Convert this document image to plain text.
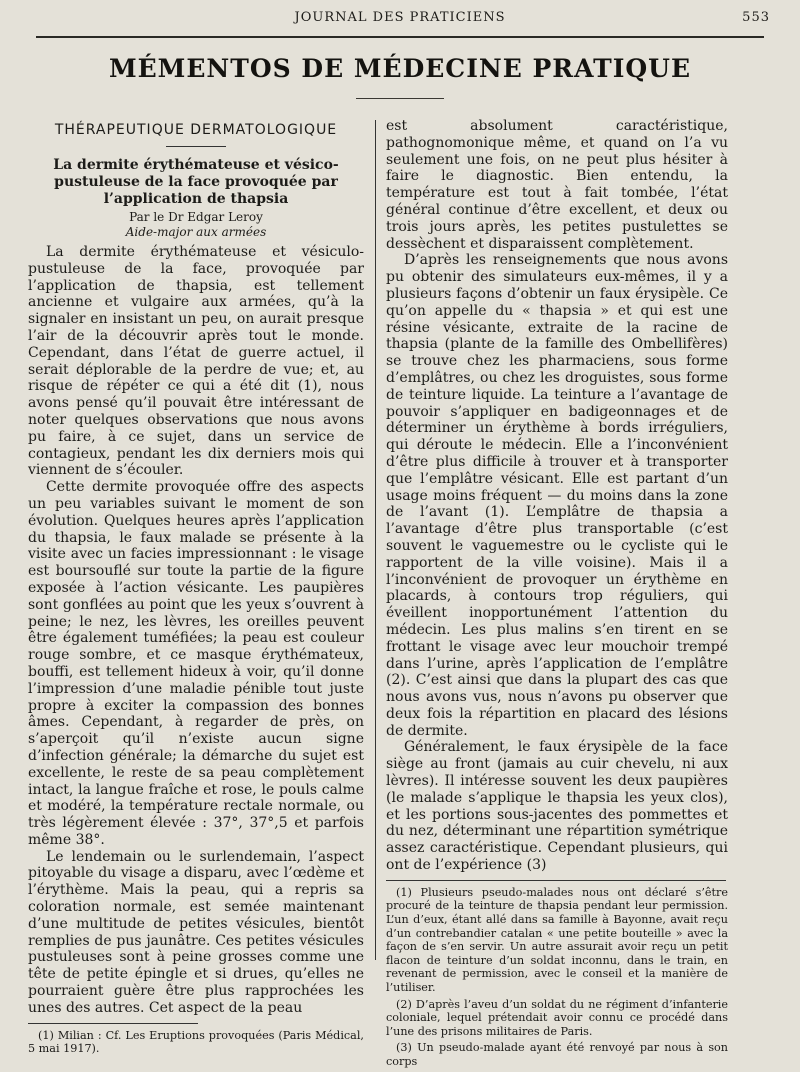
JOURNAL DES PRATICIENS	553
MÉMENTOS DE MÉDECINE PRATIQUE
THÉRAPEUTIQUE DERMATOLOGIQUE

La dermite érythémateuse et vésico-pustuleuse de la face provoquée par l’application de thapsia

Par le Dr Edgar Leroy

Aide-major aux armées

La dermite érythémateuse et vésiculo-pustuleuse de la face, provoquée par l’application de thapsia, est tellement ancienne et vulgaire aux armées, qu’à la signaler en insistant un peu, on aurait presque l’air de la découvrir après tout le monde. Cependant, dans l’état de guerre actuel, il serait déplorable de la perdre de vue; et, au risque de répéter ce qui a été dit (1), nous avons pensé qu’il pouvait être intéressant de noter quelques observations que nous avons pu faire, à ce sujet, dans un service de contagieux, pendant les dix derniers mois qui viennent de s’écouler.

Cette dermite provoquée offre des aspects un peu variables suivant le moment de son évolution. Quelques heures après l’application du thapsia, le faux malade se présente à la visite avec un facies impressionnant : le visage est boursouflé sur toute la partie de la figure exposée à l’action vésicante. Les paupières sont gonflées au point que les yeux s’ouvrent à peine; le nez, les lèvres, les oreilles peuvent être également tuméfiées; la peau est couleur rouge sombre, et ce masque érythémateux, bouffi, est tellement hideux à voir, qu’il donne l’impression d’une maladie pénible tout juste propre à exciter la compassion des bonnes âmes. Cependant, à regarder de près, on s’aperçoit qu’il n’existe aucun signe d’infection générale; la démarche du sujet est excellente, le reste de sa peau complètement intact, la langue fraîche et rose, le pouls calme et modéré, la température rectale normale, ou très légèrement élevée : 37°, 37°,5 et parfois même 38°.

Le lendemain ou le surlendemain, l’aspect pitoyable du visage a disparu, avec l’œdème et l’érythème. Mais la peau, qui a repris sa coloration normale, est semée maintenant d’une multitude de petites vésicules, bientôt remplies de pus jaunâtre. Ces petites vésicules pustuleuses sont à peine grosses comme une tête de petite épingle et si drues, qu’elles ne pourraient guère être plus rapprochées les unes des autres. Cet aspect de la peau

(1) Milian : Cf. Les Eruptions provoquées (Paris Médical, 5 mai 1917).

est absolument caractéristique, pathognomonique même, et quand on l’a vu seulement une fois, on ne peut plus hésiter à faire le diagnostic. Bien entendu, la température est tout à fait tombée, l’état général continue d’être excellent, et deux ou trois jours après, les petites pustulettes se dessèchent et disparaissent complètement.

D’après les renseignements que nous avons pu obtenir des simulateurs eux-mêmes, il y a plusieurs façons d’obtenir un faux érysipèle. Ce qu’on appelle du « thapsia » et qui est une résine vésicante, extraite de la racine de thapsia (plante de la famille des Ombellifères) se trouve chez les pharmaciens, sous forme d’emplâtres, ou chez les droguistes, sous forme de teinture liquide. La teinture a l’avantage de pouvoir s’appliquer en badigeonnages et de déterminer un érythème à bords irréguliers, qui déroute le médecin. Elle a l’inconvénient d’être plus difficile à trouver et à transporter que l’emplâtre vésicant. Elle est partant d’un usage moins fréquent — du moins dans la zone de l’avant (1). L’emplâtre de thapsia a l’avantage d’être plus transportable (c’est souvent le vaguemestre ou le cycliste qui le rapportent de la ville voisine). Mais il a l’inconvénient de provoquer un érythème en placards, à contours trop réguliers, qui éveillent inopportunément l’attention du médecin. Les plus malins s’en tirent en se frottant le visage avec leur mouchoir trempé dans l’urine, après l’application de l’emplâtre (2). C’est ainsi que dans la plupart des cas que nous avons vus, nous n’avons pu observer que deux fois la répartition en placard des lésions de dermite.

Généralement, le faux érysipèle de la face siège au front (jamais au cuir chevelu, ni aux lèvres). Il intéresse souvent les deux paupières (le malade s’applique le thapsia les yeux clos), et les portions sous-jacentes des pommettes et du nez, déterminant une répartition symétrique assez caractéristique. Cependant plusieurs, qui ont de l’expérience (3)

(1) Plusieurs pseudo-malades nous ont déclaré s’être procuré de la teinture de thapsia pendant leur permission. L’un d’eux, étant allé dans sa famille à Bayonne, avait reçu d’un contrebandier catalan « une petite bouteille » avec la façon de s’en servir. Un autre assurait avoir reçu un petit flacon de teinture d’un soldat inconnu, dans le train, en revenant de permission, avec le conseil et la manière de l’utiliser.

(2) D’après l’aveu d’un soldat du ne régiment d’infanterie coloniale, lequel prétendait avoir connu ce procédé dans l’une des prisons militaires de Paris.

(3) Un pseudo-malade ayant été renvoyé par nous à son corps
